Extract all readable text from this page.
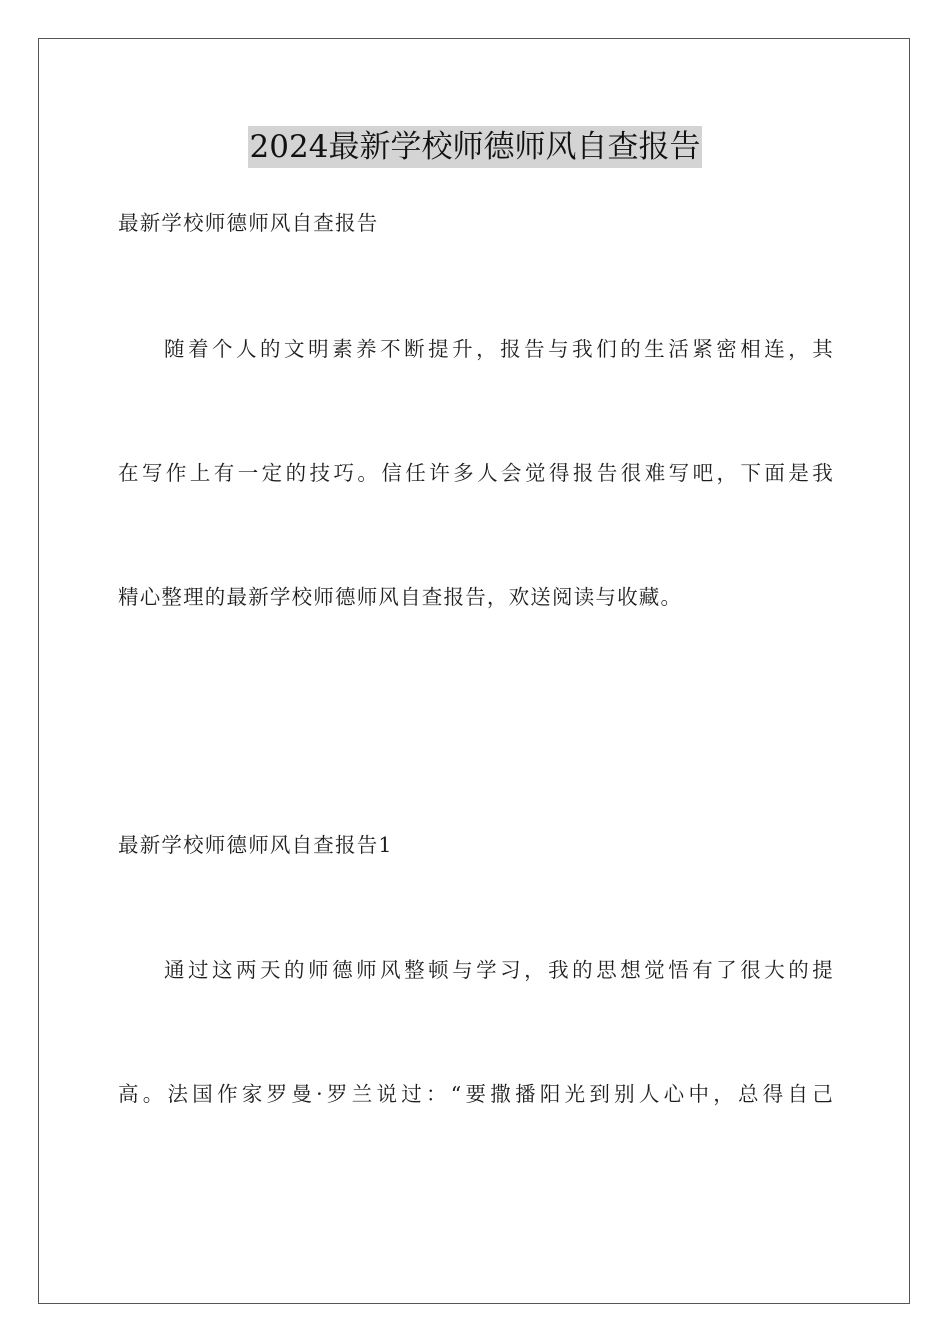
2024最新学校师德师风自查报告
最新学校师德师风自查报告
随着个人的文明素养不断提升，报告与我们的生活紧密相连，其
在写作上有一定的技巧。信任许多人会觉得报告很难写吧，下面是我
精心整理的最新学校师德师风自查报告，欢送阅读与收藏。
最新学校师德师风自查报告1
通过这两天的师德师风整顿与学习，我的思想觉悟有了很大的提
高。法国作家罗曼·罗兰说过：“要撒播阳光到别人心中，总得自己
